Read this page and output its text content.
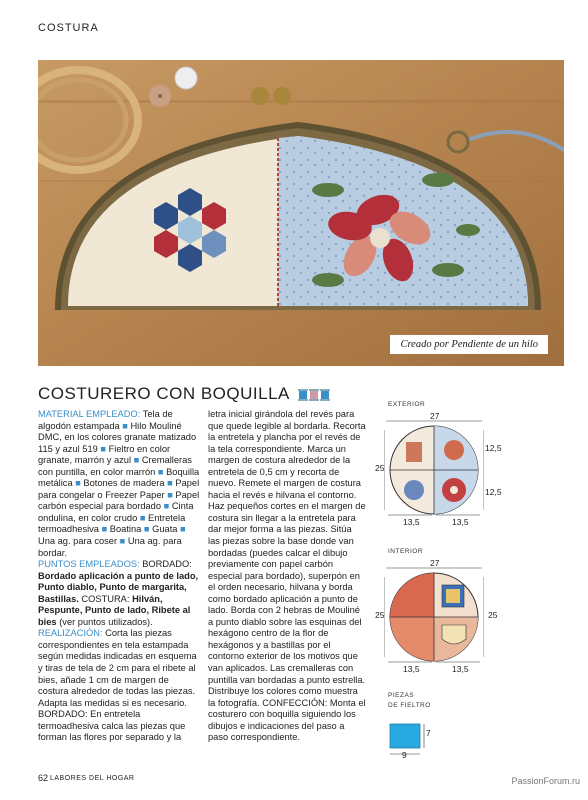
COSTURA
Creado por Pendiente de un hilo
COSTURERO CON BOQUILLA
MATERIAL EMPLEADO: Tela de algodón estampada ■ Hilo Mouliné DMC, en los colores granate matizado 115 y azul 519 ■ Fieltro en color granate, marrón y azul ■ Cremalleras con puntilla, en color marrón ■ Boquilla metálica ■ Botones de madera ■ Papel para congelar o Freezer Paper ■ Papel carbón especial para bordado ■ Cinta ondulina, en color crudo ■ Entretela termoadhesiva ■ Boatina ■ Guata ■ Una ag. para coser ■ Una ag. para bordar.
PUNTOS EMPLEADOS: BORDADO: Bordado aplicación a punto de lado, Punto diablo, Punto de margarita, Bastillas. COSTURA: Hilván, Pespunte, Punto de lado, Ribete al bies (ver puntos utilizados).
REALIZACIÓN: Corta las piezas correspondientes en tela estampada según medidas indicadas en esquema y tiras de tela de 2 cm para el ribete al bies, añade 1 cm de margen de costura alrededor de todas las piezas. Adapta las medidas si es necesario. BORDADO: En entretela termoadhesiva calca las piezas que forman las flores por separado y la
letra inicial girándola del revés para que quede legible al bordarla. Recorta la entretela y plancha por el revés de la tela correspondiente. Marca un margen de costura alrededor de la entretela de 0,5 cm y recorta de nuevo. Remete el margen de costura hacia el revés e hilvana el contorno. Haz pequeños cortes en el margen de costura sin llegar a la entretela para dar mejor forma a las piezas. Sitúa las piezas sobre la base donde van bordadas (puedes calcar el dibujo previamente con papel carbón especial para bordado), superpón en el orden necesario, hilvana y borda como bordado aplicación a punto de lado. Borda con 2 hebras de Mouliné a punto diablo sobre las esquinas del hexágono centro de la flor de hexágonos y a bastillas por el contorno exterior de los motivos que van aplicados. Las cremalleras con puntilla van bordadas a punto estrella. Distribuye los colores como muestra la fotografía. CONFECCIÓN: Monta el costurero con boquilla siguiendo los dibujos e indicaciones del paso a paso correspondiente.
EXTERIOR
27
25
12,5
12,5
13,5	13,5
INTERIOR
27
25	25
13,5	13,5
PIEZAS
DE FIELTRO
7
9
62 LABORES DEL HOGAR	PassionForum.ru
